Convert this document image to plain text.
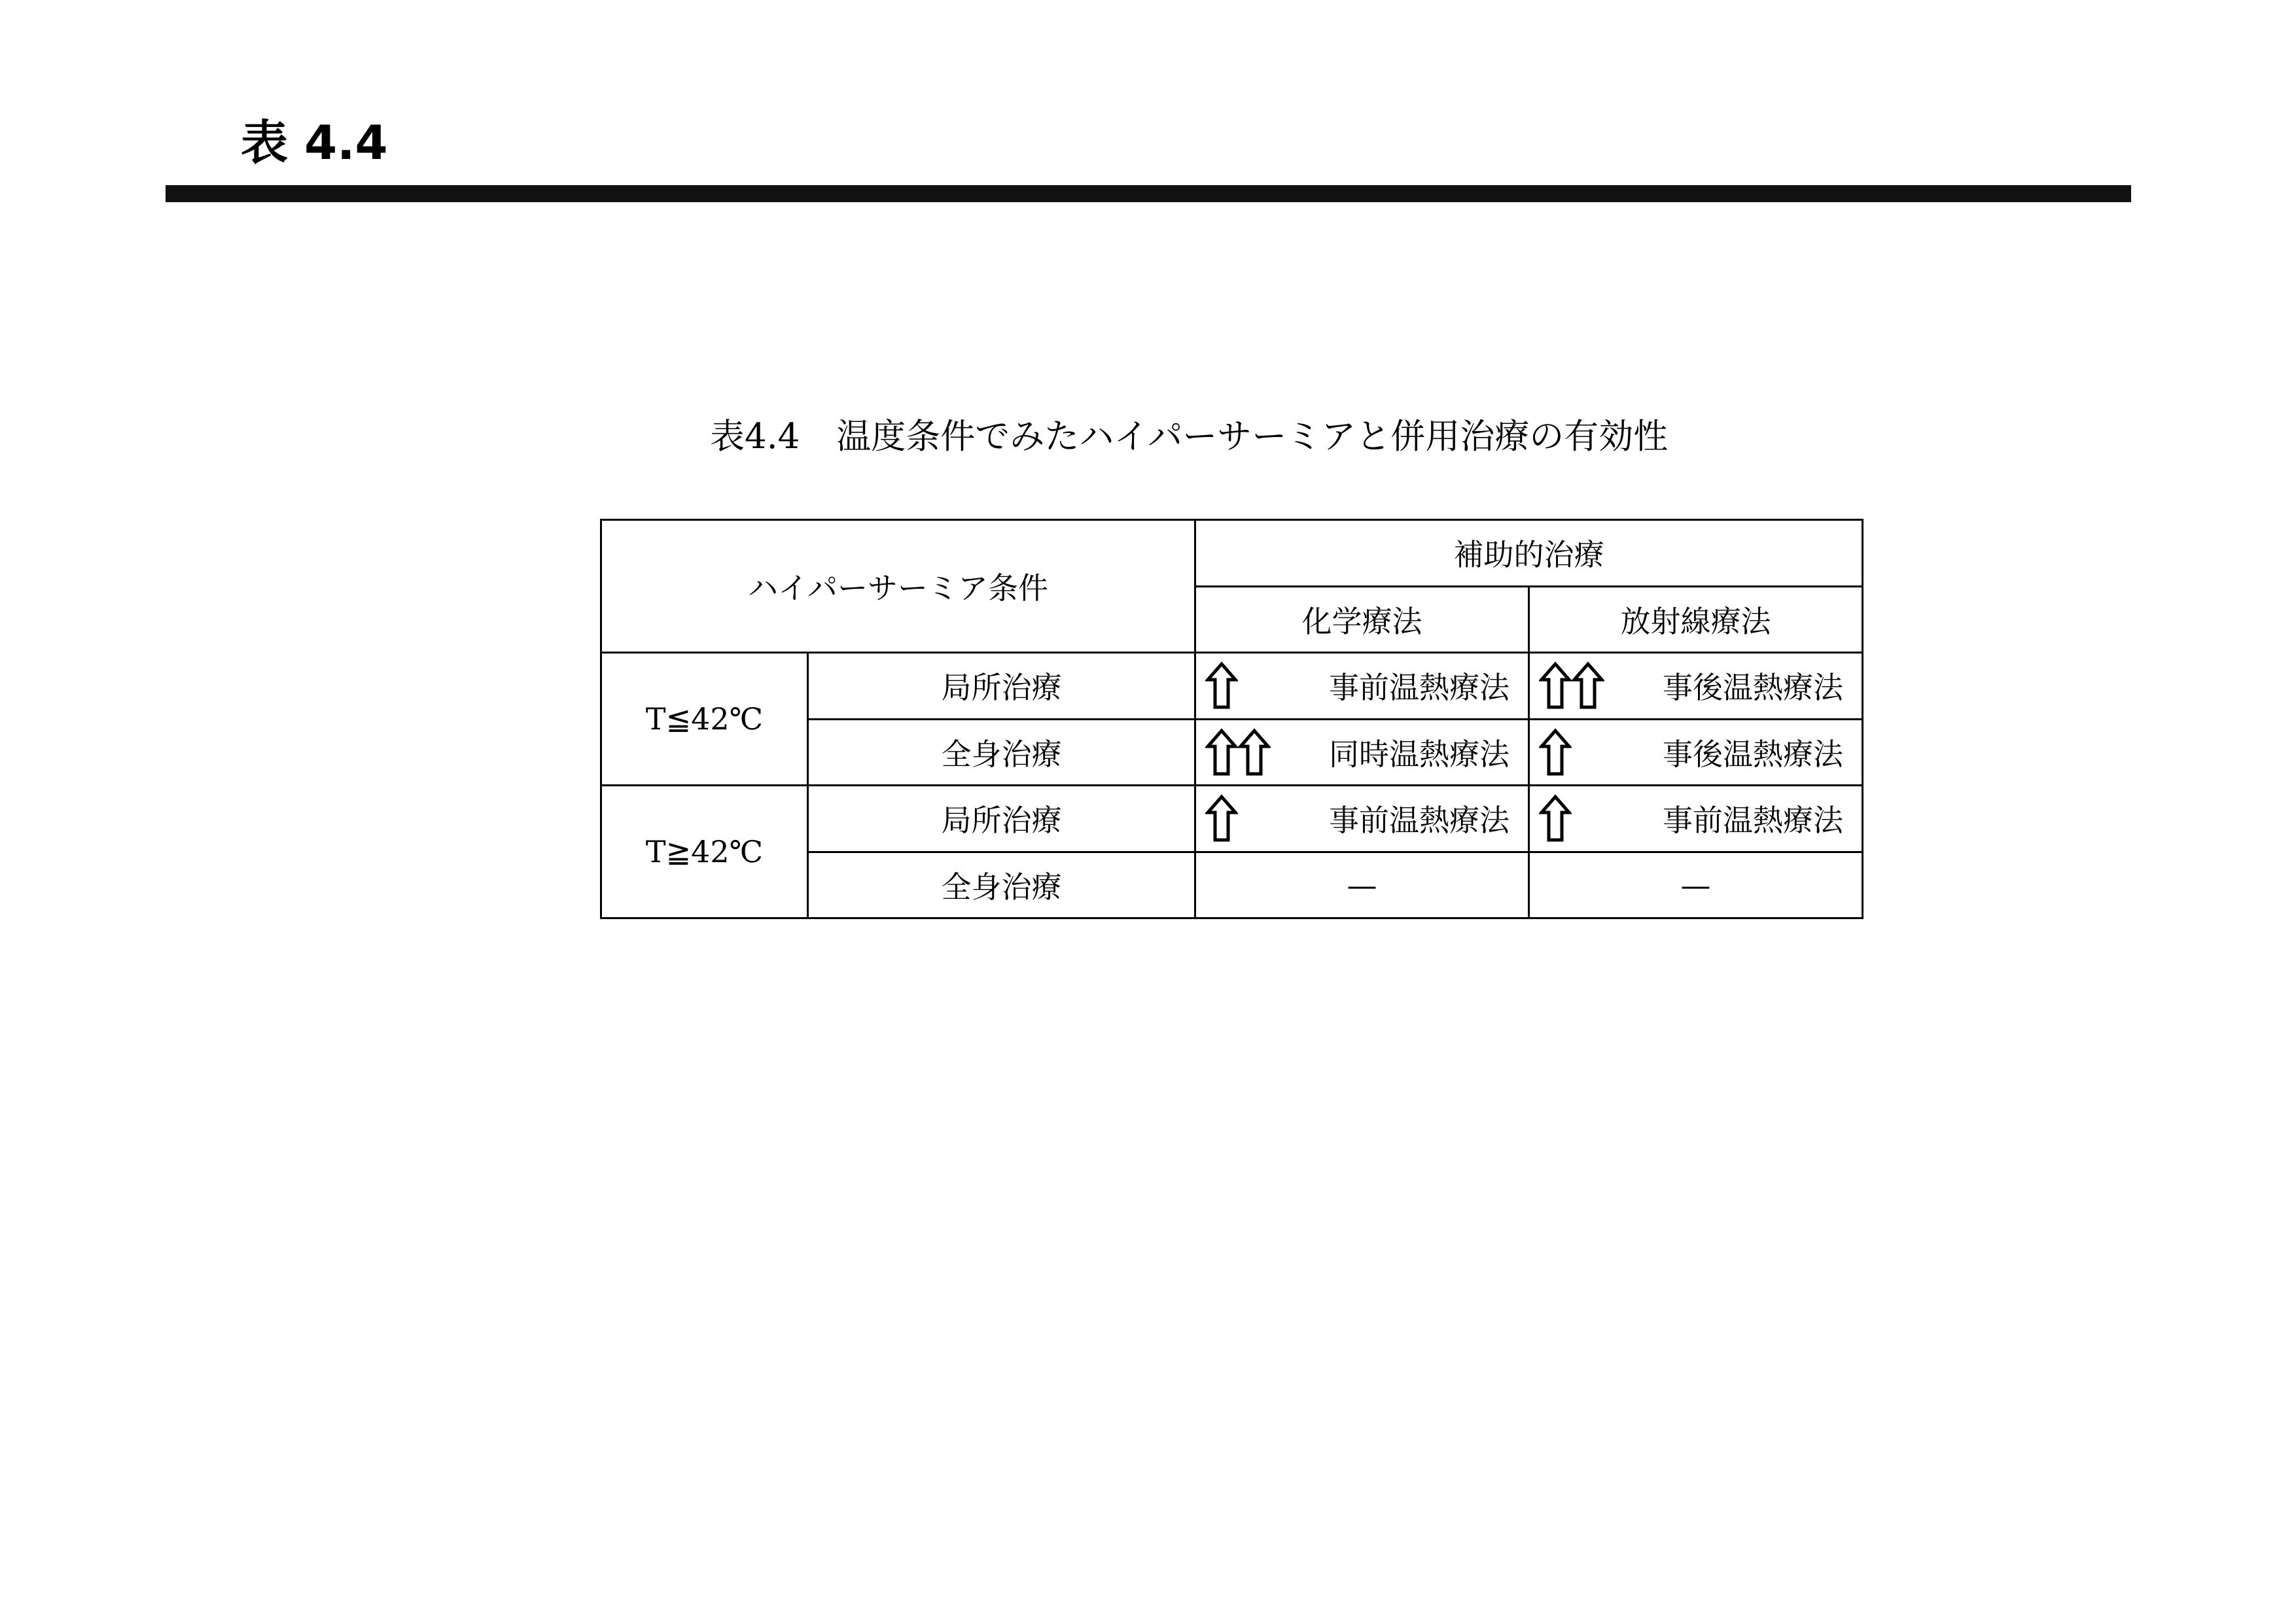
表 4.4
表4.4 温度条件でみたハイパーサーミアと併用治療の有効性
ハイパーサーミア条件		補助的治療	
		化学療法	放射線療法
T≦42℃	局所治療	事前温熱療法	事後温熱療法

	全身治療	同時温熱療法	事後温熱療法

T≧42℃	局所治療	事前温熱療法	事前温熱療法

	全身治療	—	—
